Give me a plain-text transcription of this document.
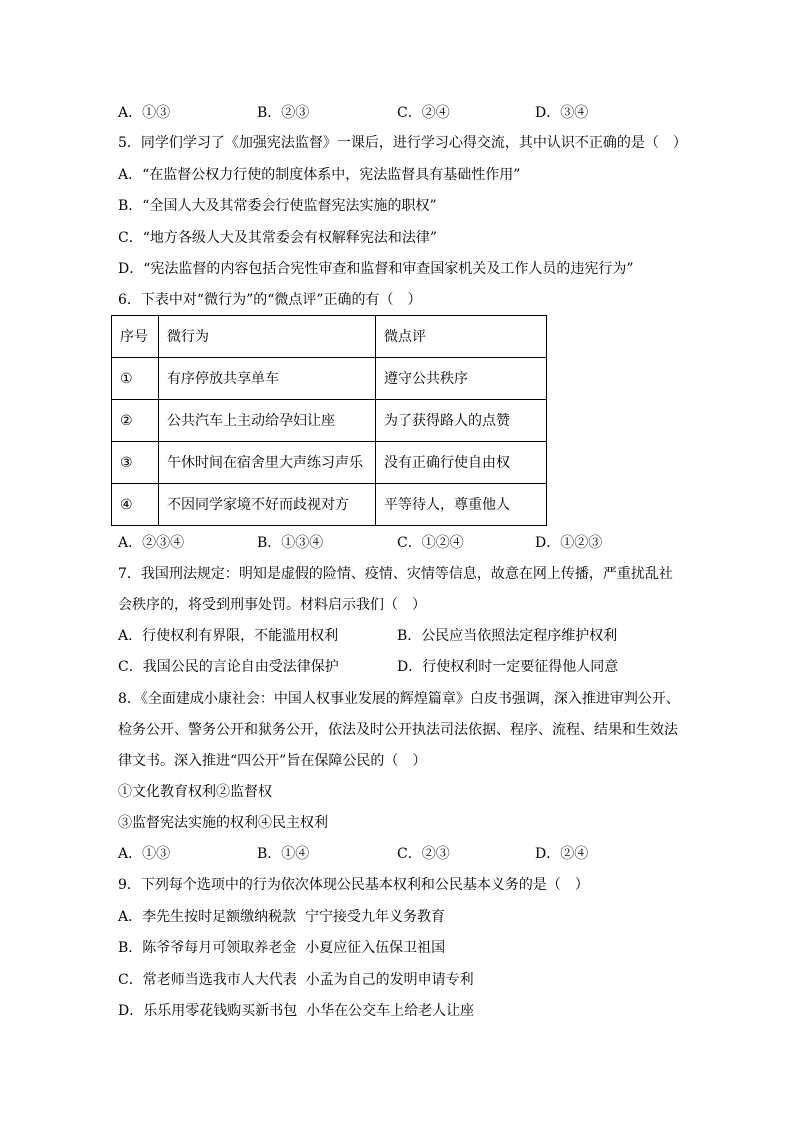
A．①③	B．②③	C．②④	D．③④

5．同学们学习了《加强宪法监督》一课后，进行学习心得交流，其中认识不正确的是（　）

A．“在监督公权力行使的制度体系中，宪法监督具有基础性作用”

B．“全国人大及其常委会行使监督宪法实施的职权”

C．“地方各级人大及其常委会有权解释宪法和法律”

D．“宪法监督的内容包括合宪性审查和监督和审查国家机关及工作人员的违宪行为”

6．下表中对“微行为”的“微点评”正确的有（　）

序号	微行为	微点评
①	有序停放共享单车	遵守公共秩序
②	公共汽车上主动给孕妇让座	为了获得路人的点赞
③	午休时间在宿舍里大声练习声乐	没有正确行使自由权
④	不因同学家境不好而歧视对方	平等待人，尊重他人
A．②③④	B．①③④	C．①②④	D．①②③

7．我国刑法规定：明知是虚假的险情、疫情、灾情等信息，故意在网上传播，严重扰乱社

会秩序的，将受到刑事处罚。材料启示我们（　）

A．行使权利有界限，不能滥用权利	B．公民应当依照法定程序维护权利
C．我国公民的言论自由受法律保护	D．行使权利时一定要征得他人同意

8．《全面建成小康社会：中国人权事业发展的辉煌篇章》白皮书强调，深入推进审判公开、

检务公开、警务公开和狱务公开，依法及时公开执法司法依据、程序、流程、结果和生效法

律文书。深入推进“四公开”旨在保障公民的（　）

①文化教育权利②监督权

③监督宪法实施的权利④民主权利

A．①③	B．①④	C．②③	D．②④

9．下列每个选项中的行为依次体现公民基本权利和公民基本义务的是（　）

A．李先生按时足额缴纳税款  宁宁接受九年义务教育

B．陈爷爷每月可领取养老金  小夏应征入伍保卫祖国

C．常老师当选我市人大代表  小孟为自己的发明申请专利

D．乐乐用零花钱购买新书包  小华在公交车上给老人让座
